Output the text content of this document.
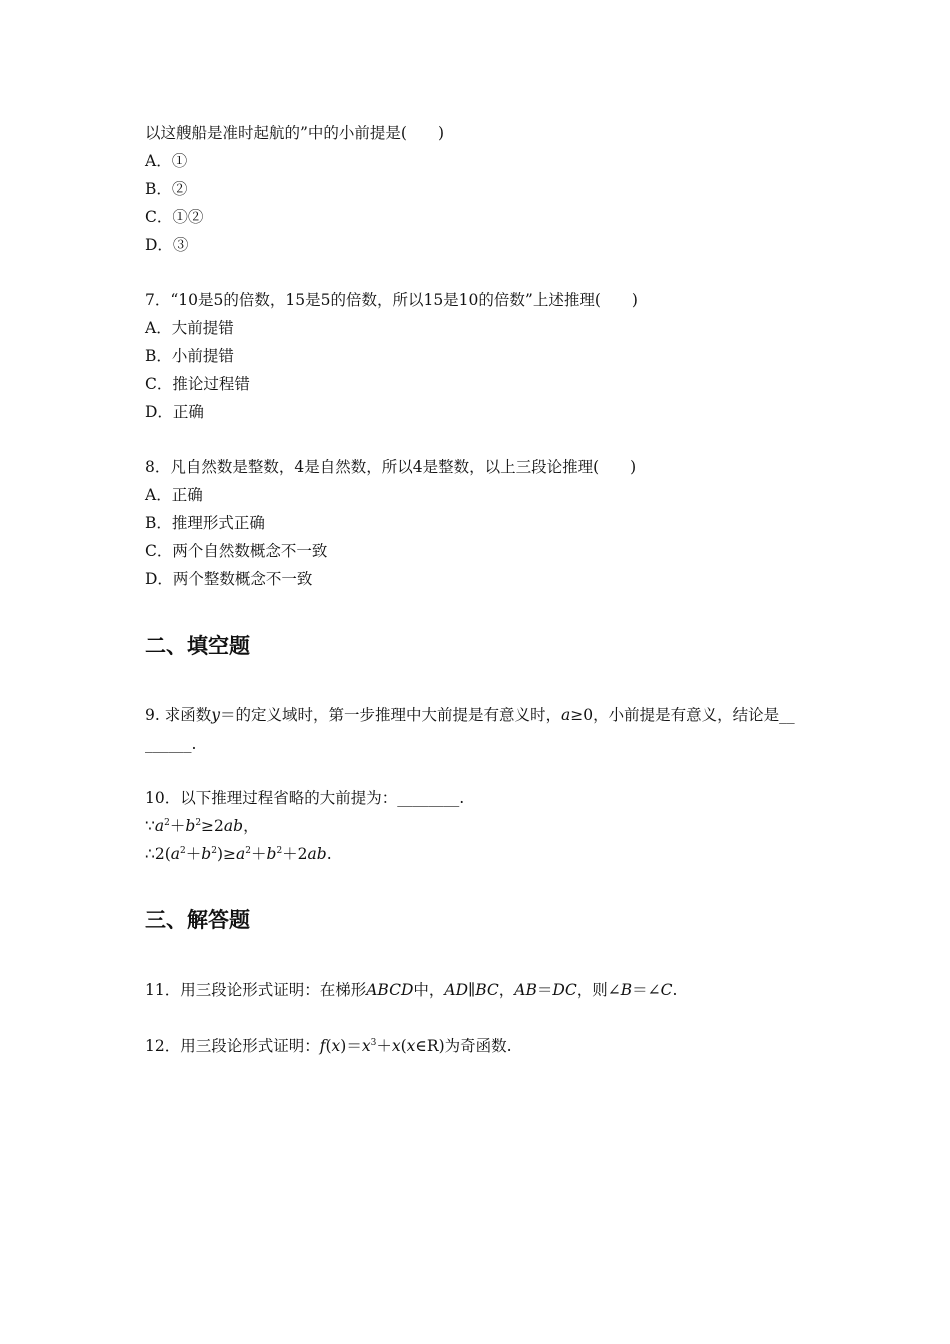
以这艘船是准时起航的”中的小前提是(　　)
A．①
B．②
C．①②
D．③
7．“10是5的倍数，15是5的倍数，所以15是10的倍数”上述推理(　　)
A．大前提错
B．小前提错
C．推论过程错
D．正确
8．凡自然数是整数，4是自然数，所以4是整数，以上三段论推理(　　)
A．正确
B．推理形式正确
C．两个自然数概念不一致
D．两个整数概念不一致
二、填空题
9. 求函数y＝的定义域时，第一步推理中大前提是有意义时，a≥0，小前提是有意义，结论是__
______.
10．以下推理过程省略的大前提为：________.
$\because a^2+b^2\ge 2ab$，
$\therefore 2(a^2+b^2)\ge a^2+b^2+2ab$.
三、解答题
11．用三段论形式证明：在梯形ABCD中，AD∥BC，AB＝DC，则∠B＝∠C.
12．用三段论形式证明：$f(x)=x^3+x(x\in R)$为奇函数.
